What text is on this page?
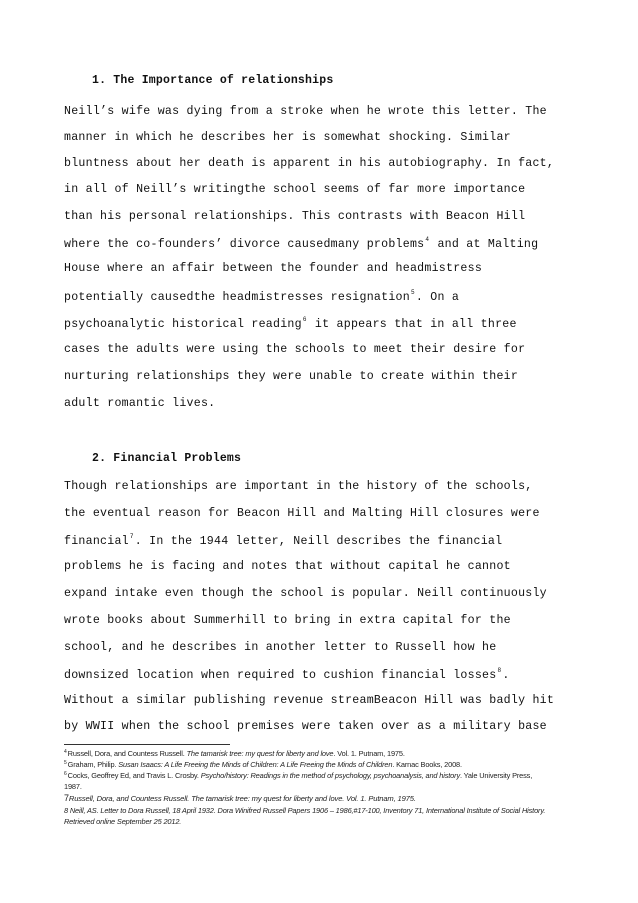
1. The Importance of relationships
Neill’s wife was dying from a stroke when he wrote this letter. The
manner in which he describes her is somewhat shocking. Similar
bluntness about her death is apparent in his autobiography. In fact,
in all of Neill’s writingthe school seems of far more importance
than his personal relationships. This contrasts with Beacon Hill
where the co-founders’ divorce causedmany problems$^4$ and at Malting
House where an affair between the founder and headmistress
potentially causedthe headmistresses resignation$^5$. On a
psychoanalytic historical reading$^6$ it appears that in all three
cases the adults were using the schools to meet their desire for
nurturing relationships they were unable to create within their
adult romantic lives.
2. Financial Problems
Though relationships are important in the history of the schools,
the eventual reason for Beacon Hill and Malting Hill closures were
financial$^7$. In the 1944 letter, Neill describes the financial
problems he is facing and notes that without capital he cannot
expand intake even though the school is popular. Neill continuously
wrote books about Summerhill to bring in extra capital for the
school, and he describes in another letter to Russell how he
downsized location when required to cushion financial losses$^8$.
Without a similar publishing revenue streamBeacon Hill was badly hit
by WWII when the school premises were taken over as a military base
$^4$Russell, Dora, and Countess Russell. The tamarisk tree: my quest for liberty and love. Vol. 1. Putnam, 1975.
$^5$Graham, Philip. Susan Isaacs: A Life Freeing the Minds of Children: A Life Freeing the Minds of Children. Karnac Books, 2008.
$^6$Cocks, Geoffrey Ed, and Travis L. Crosby. Psycho/history: Readings in the method of psychology, psychoanalysis, and history. Yale University Press,
1987.
7Russell, Dora, and Countess Russell. The tamarisk tree: my quest for liberty and love. Vol. 1. Putnam, 1975.
8 Neill, AS. Letter to Dora Russell, 18 April 1932. Dora Winifred Russell Papers 1906 – 1986,#17-100, Inventory 71, International Institute of Social History.
Retrieved online September 25 2012.
